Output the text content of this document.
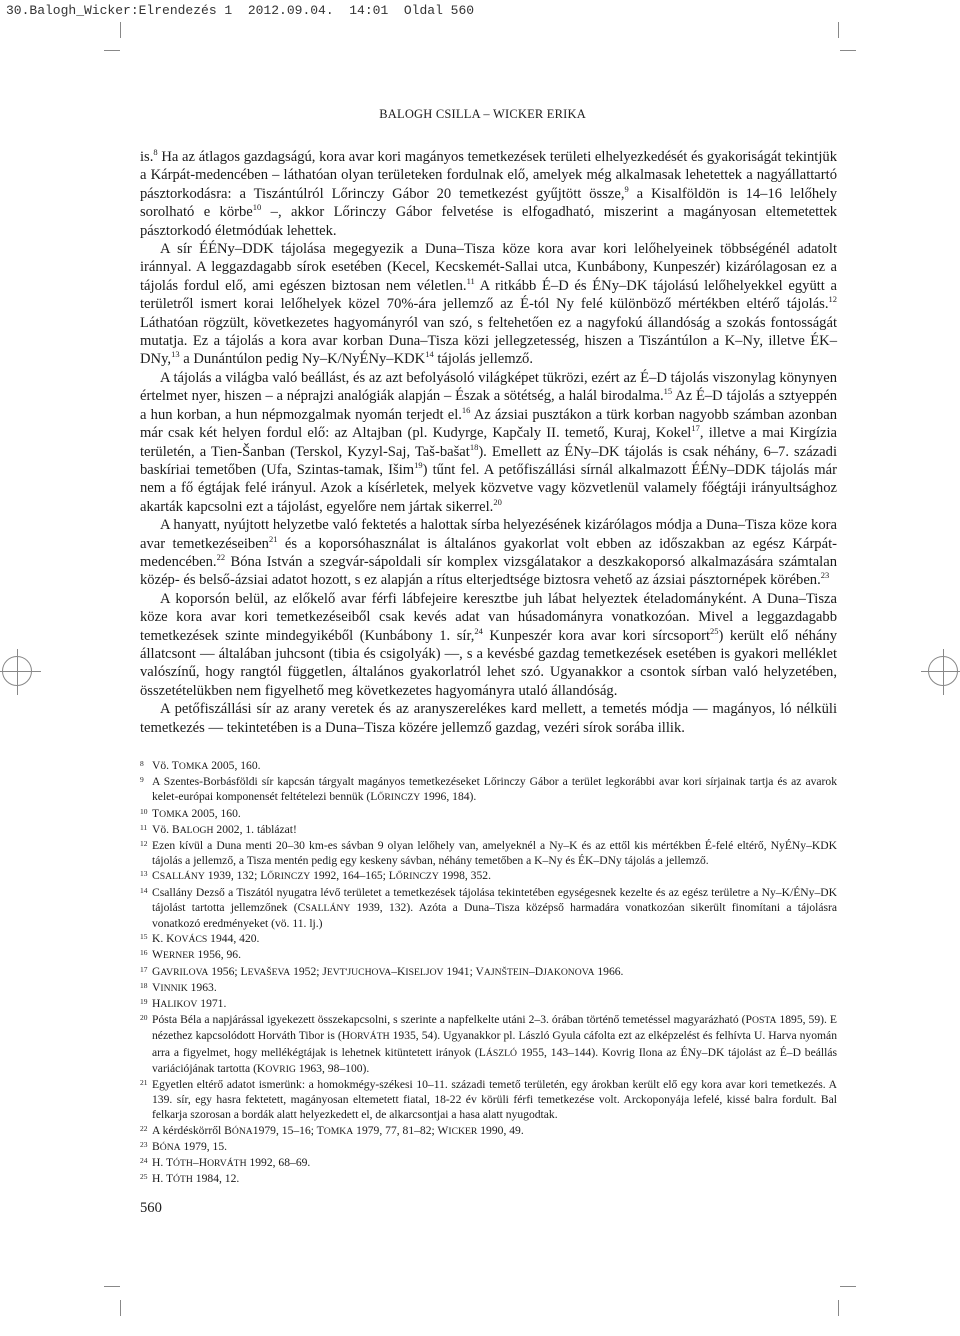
30.Balogh_Wicker:Elrendezés 1  2012.09.04.  14:01  Oldal 560
BALOGH CSILLA – WICKER ERIKA

is.$^8$ Ha az átlagos gazdagságú, kora avar kori magányos temetkezések területi elhelyezkedését és gyakoriságát tekintjük a Kárpát-medencében – láthatóan olyan területeken fordulnak elő, amelyek még alkalmasak lehetettek a nagyállattartó pásztorkodásra: a Tiszántúlról Lőrinczy Gábor 20 temetkezést gyűjtött össze,$^9$ a Kisalföldön is 14–16 lelőhely sorolható e körbe$^{10}$ –, akkor Lőrinczy Gábor felvetése is elfogadható, miszerint a magányosan eltemetettek pásztorkodó életmódúak lehettek.

A sír ÉÉNy–DDK tájolása megegyezik a Duna–Tisza köze kora avar kori lelőhelyeinek többségénél adatolt iránnyal. A leggazdagabb sírok esetében (Kecel, Kecskemét-Sallai utca, Kunbábony, Kunpeszér) kizárólagosan ez a tájolás fordul elő, ami egészen biztosan nem véletlen.$^{11}$ A ritkább É–D és ÉNy–DK tájolású lelőhelyekkel együtt a területről ismert korai lelőhelyek közel 70%-ára jellemző az É-tól Ny felé különböző mértékben eltérő tájolás.$^{12}$ Láthatóan rögzült, következetes hagyományról van szó, s feltehetően ez a nagyfokú állandóság a szokás fontosságát mutatja. Ez a tájolás a kora avar korban Duna–Tisza közi jellegzetesség, hiszen a Tiszántúlon a K–Ny, illetve ÉK–DNy,$^{13}$ a Dunántúlon pedig Ny–K/NyÉNy–KDK$^{14}$ tájolás jellemző.

A tájolás a világba való beállást, és az azt befolyásoló világképet tükrözi, ezért az É–D tájolás viszonylag könynyen értelmet nyer, hiszen – a néprajzi analógiák alapján – Észak a sötétség, a halál birodalma.$^{15}$ Az É–D tájolás a sztyeppén a hun korban, a hun népmozgalmak nyomán terjedt el.$^{16}$ Az ázsiai pusztákon a türk korban nagyobb számban azonban már csak két helyen fordul elő: az Altajban (pl. Kudyrge, Kapčaly II. temető, Kuraj, Kokel$^{17}$, illetve a mai Kirgízia területén, a Tien-Šanban (Terskol, Kyzyl-Saj, Taš-bašat$^{18}$). Emellett az ÉNy–DK tájolás is csak néhány, 6–7. századi baskíriai temetőben (Ufa, Szintas-tamak, Išim$^{19}$) tűnt fel. A petőfiszállási sírnál alkalmazott ÉÉNy–DDK tájolás már nem a fő égtájak felé irányul. Azok a kísérletek, melyek közvetve vagy közvetlenül valamely főégtáji irányultsághoz akarták kapcsolni ezt a tájolást, egyelőre nem jártak sikerrel.$^{20}$

A hanyatt, nyújtott helyzetbe való fektetés a halottak sírba helyezésének kizárólagos módja a Duna–Tisza köze kora avar temetkezéseiben$^{21}$ és a koporsóhasználat is általános gyakorlat volt ebben az időszakban az egész Kárpát-medencében.$^{22}$ Bóna István a szegvár-sápoldali sír komplex vizsgálatakor a deszkakoporsó alkalmazására számtalan közép- és belső-ázsiai adatot hozott, s ez alapján a rítus elterjedtsége biztosra vehető az ázsiai pásztornépek körében.$^{23}$

A koporsón belül, az előkelő avar férfi lábfejeire keresztbe juh lábat helyeztek ételadományként. A Duna–Tisza köze kora avar kori temetkezéseiből csak kevés adat van húsadományra vonatkozóan. Mivel a leggazdagabb temetkezések szinte mindegyikéből (Kunbábony 1. sír,$^{24}$ Kunpeszér kora avar kori sírcsoport$^{25}$) került elő néhány állatcsont — általában juhcsont (tibia és csigolyák) —, s a kevésbé gazdag temetkezések esetében is gyakori melléklet valószínű, hogy rangtól független, általános gyakorlatról lehet szó. Ugyanakkor a csontok sírban való helyzetében, összetételükben nem figyelhető meg következetes hagyományra utaló állandóság.

A petőfiszállási sír az arany veretek és az aranyszerelékes kard mellett, a temetés módja — magányos, ló nélküli temetkezés — tekintetében is a Duna–Tisza közére jellemző gazdag, vezéri sírok sorába illik.

8 Vö. TOMKA 2005, 160.
9 A Szentes-Borbásföldi sír kapcsán tárgyalt magányos temetkezéseket Lőrinczy Gábor a terület legkorábbi avar kori sírjainak tartja és az avarok kelet-európai komponensét feltételezi bennük (LŐRINCZY 1996, 184).
10 TOMKA 2005, 160.
11 Vö. BALOGH 2002, 1. táblázat!
12 Ezen kívül a Duna menti 20–30 km-es sávban 9 olyan lelőhely van, amelyeknél a Ny–K és az ettől kis mértékben É-felé eltérő, NyÉNy–KDK tájolás a jellemző, a Tisza mentén pedig egy keskeny sávban, néhány temetőben a K–Ny és ÉK–DNy tájolás a jellemző.
13 CSALLÁNY 1939, 132; LŐRINCZY 1992, 164–165; LŐRINCZY 1998, 352.
14 Csallány Dezső a Tiszától nyugatra lévő területet a temetkezések tájolása tekintetében egységesnek kezelte és az egész területre a Ny–K/ÉNy–DK tájolást tartotta jellemzőnek (CSALLÁNY 1939, 132). Azóta a Duna–Tisza középső harmadára vonatkozóan sikerült finomítani a tájolásra vonatkozó eredményeket (vö. 11. lj.)
15 K. KOVÁCS 1944, 420.
16 WERNER 1956, 96.
17 GAVRILOVA 1956; LEVAŠEVA 1952; JEVT'JUCHOVA–KISELJOV 1941; VAJNŠTEIN–DJAKONOVA 1966.
18 VINNIK 1963.
19 HALIKOV 1971.
20 Pósta Béla a napjárással igyekezett összekapcsolni, s szerinte a napfelkelte utáni 2–3. órában történő temetéssel magyarázható (POSTA 1895, 59). E nézethez kapcsolódott Horváth Tibor is (HORVÁTH 1935, 54). Ugyanakkor pl. László Gyula cáfolta ezt az elképzelést és felhívta U. Harva nyomán arra a figyelmet, hogy mellékégtájak is lehetnek kitüntetett irányok (LÁSZLÓ 1955, 143–144). Kovrig Ilona az ÉNy–DK tájolást az É–D beállás variációjának tartotta (KOVRIG 1963, 98–100).
21 Egyetlen eltérő adatot ismerünk: a homokmégy-székesi 10–11. századi temető területén, egy árokban került elő egy kora avar kori temetkezés. A 139. sír, egy hasra fektetett, magányosan eltemetett fiatal, 18-22 év körüli férfi temetkezése volt. Arckoponyája lefelé, kissé balra fordult. Bal felkarja szorosan a bordák alatt helyezkedett el, de alkarcsontjai a hasa alatt nyugodtak.
22 A kérdéskörről BÓNA1979, 15–16; TOMKA 1979, 77, 81–82; WICKER 1990, 49.
23 BÓNA 1979, 15.
24 H. TÓTH–HORVÁTH 1992, 68–69.
25 H. TÓTH 1984, 12.
560
